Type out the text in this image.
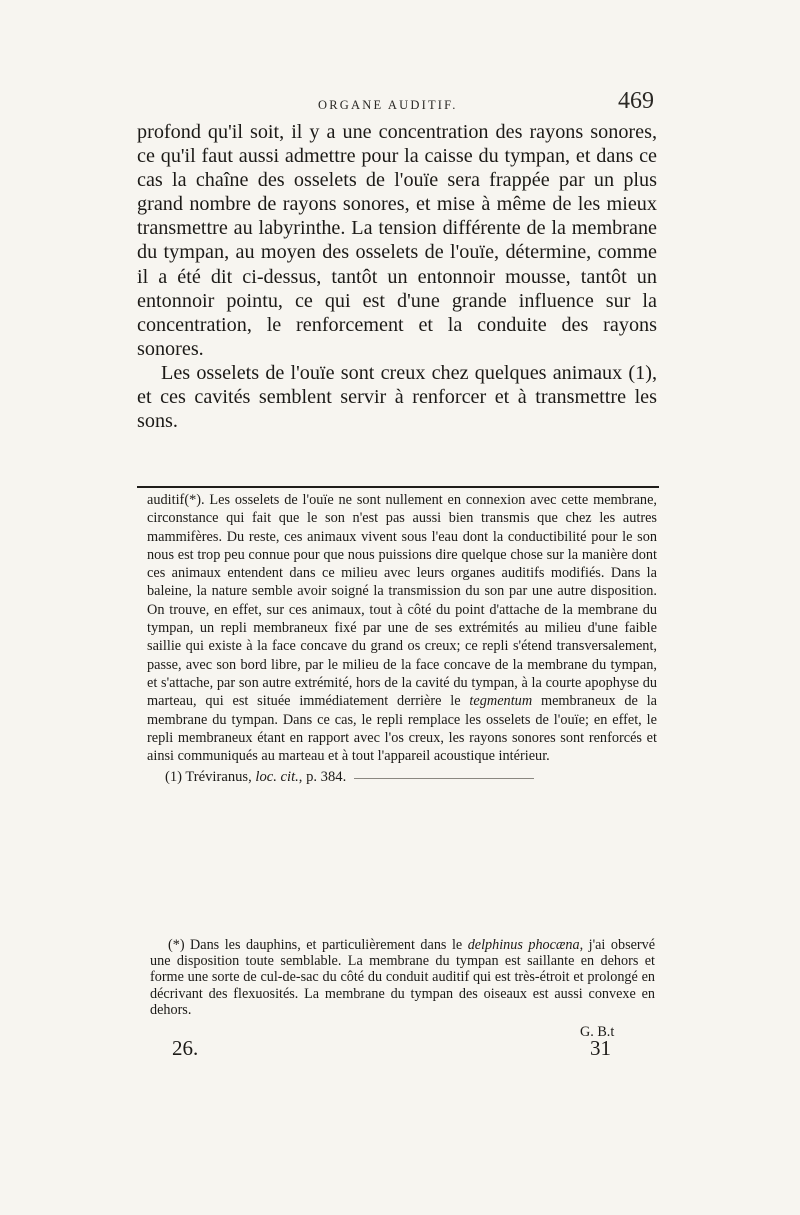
ORGANE AUDITIF.	469

profond qu'il soit, il y a une concentration des rayons sonores, ce qu'il faut aussi admettre pour la caisse du tympan, et dans ce cas la chaîne des osselets de l'ouïe sera frappée par un plus grand nombre de rayons sonores, et mise à même de les mieux transmettre au labyrinthe. La tension différente de la membrane du tympan, au moyen des osselets de l'ouïe, détermine, comme il a été dit ci-dessus, tantôt un entonnoir mousse, tantôt un entonnoir pointu, ce qui est d'une grande influence sur la concentration, le renforcement et la conduite des rayons sonores.

Les osselets de l'ouïe sont creux chez quelques animaux (1), et ces cavités semblent servir à renforcer et à transmettre les sons.

auditif(*). Les osselets de l'ouïe ne sont nullement en connexion avec cette membrane, circonstance qui fait que le son n'est pas aussi bien transmis que chez les autres mammifères. Du reste, ces animaux vivent sous l'eau dont la conductibilité pour le son nous est trop peu connue pour que nous puissions dire quelque chose sur la manière dont ces animaux entendent dans ce milieu avec leurs organes auditifs modifiés. Dans la baleine, la nature semble avoir soigné la transmission du son par une autre disposition. On trouve, en effet, sur ces animaux, tout à côté du point d'attache de la membrane du tympan, un repli membraneux fixé par une de ses extrémités au milieu d'une faible saillie qui existe à la face concave du grand os creux; ce repli s'étend transversalement, passe, avec son bord libre, par le milieu de la face concave de la membrane du tympan, et s'attache, par son autre extrémité, hors de la cavité du tympan, à la courte apophyse du marteau, qui est située immédiatement derrière le tegmentum membraneux de la membrane du tympan. Dans ce cas, le repli remplace les osselets de l'ouïe; en effet, le repli membraneux étant en rapport avec l'os creux, les rayons sonores sont renforcés et ainsi communiqués au marteau et à tout l'appareil acoustique intérieur.

(1) Tréviranus, loc. cit., p. 384.

(*) Dans les dauphins, et particulièrement dans le delphinus phocæna, j'ai observé une disposition toute semblable. La membrane du tympan est saillante en dehors et forme une sorte de cul-de-sac du côté du conduit auditif qui est très-étroit et prolongé en décrivant des flexuosités. La membrane du tympan des oiseaux est aussi convexe en dehors.

G. B.t
26.	31
